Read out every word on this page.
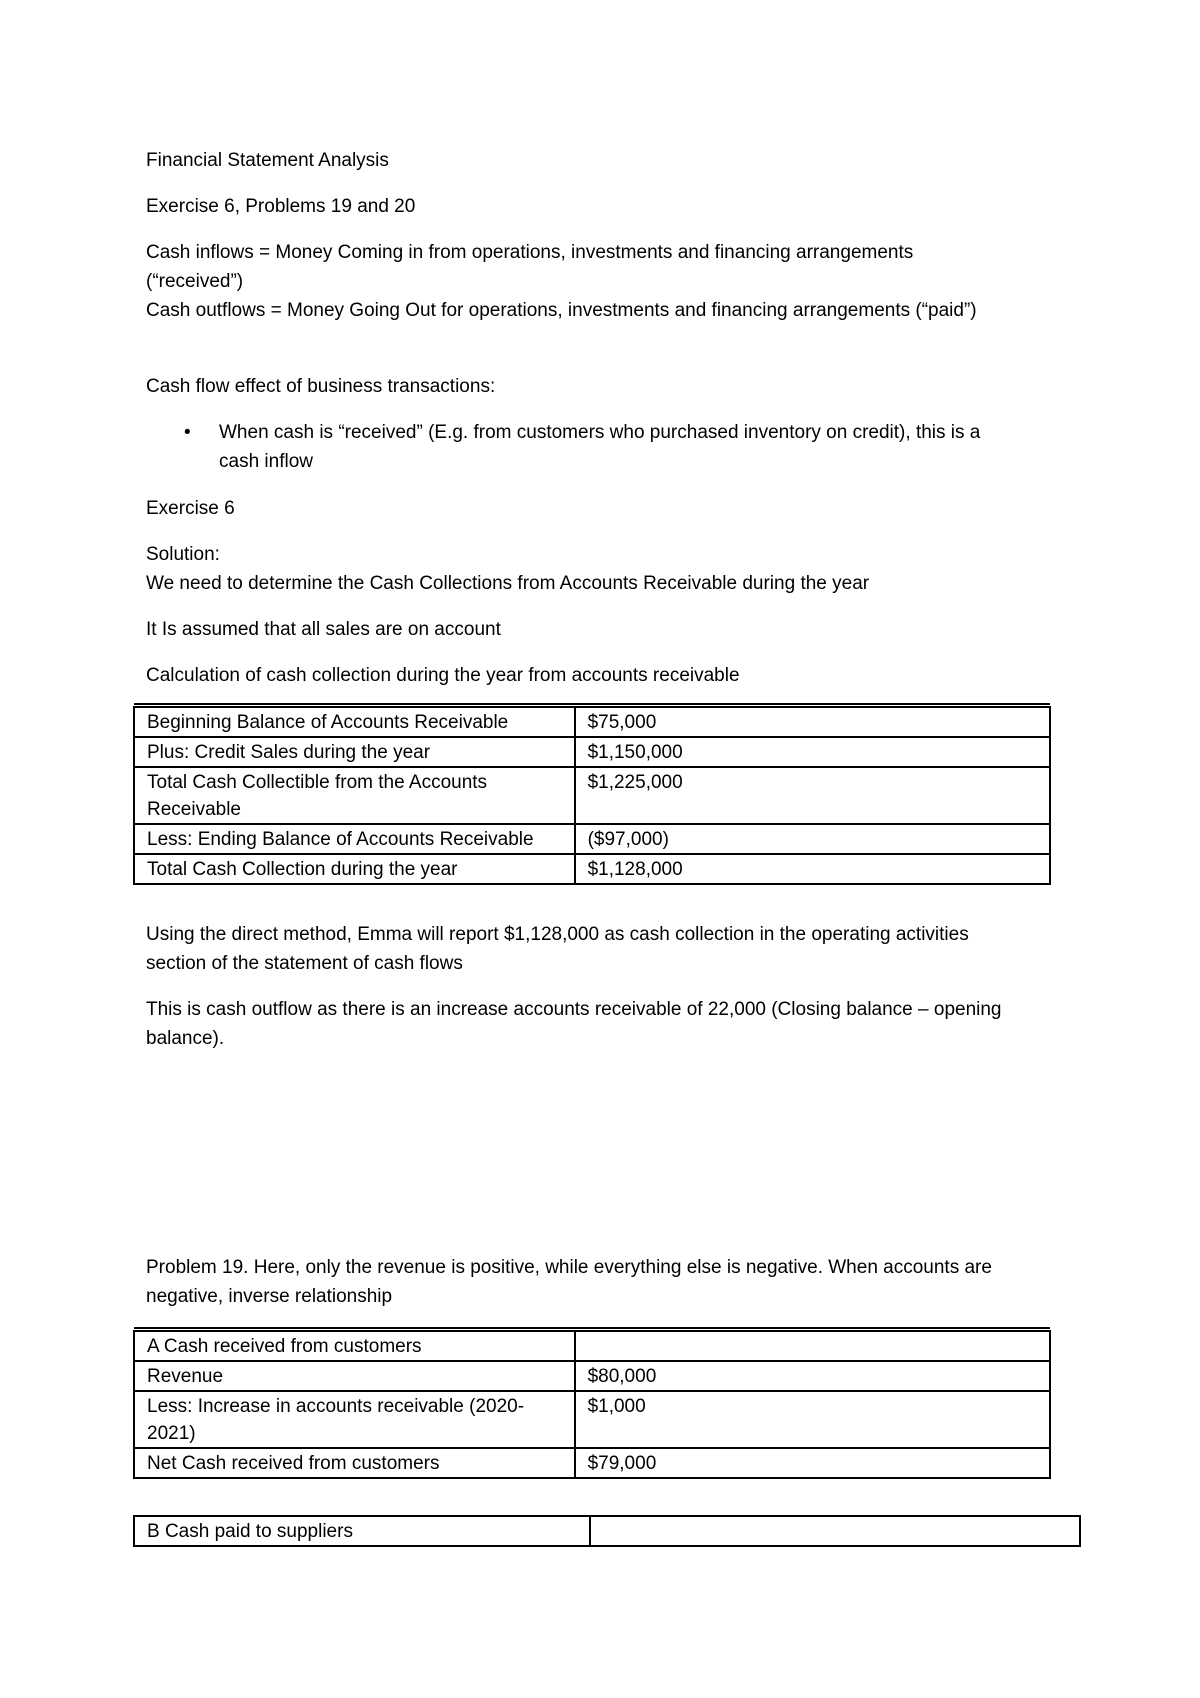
Financial Statement Analysis
Exercise 6, Problems 19 and 20
Cash inflows = Money Coming in from operations, investments and financing arrangements
(“received”)
Cash outflows = Money Going Out for operations, investments and financing arrangements (“paid”)
Cash flow effect of business transactions:
• When cash is “received” (E.g. from customers who purchased inventory on credit), this is a
cash inflow
Exercise 6
Solution:
We need to determine the Cash Collections from Accounts Receivable during the year
It Is assumed that all sales are on account
Calculation of cash collection during the year from accounts receivable

Beginning Balance of Accounts Receivable	$75,000
Plus: Credit Sales during the year	$1,150,000
Total Cash Collectible from the Accounts
Receivable	$1,225,000
Less: Ending Balance of Accounts Receivable	($97,000)
Total Cash Collection during the year	$1,128,000
Using the direct method, Emma will report $1,128,000 as cash collection in the operating activities
section of the statement of cash flows
This is cash outflow as there is an increase accounts receivable of 22,000 (Closing balance – opening
balance).
Problem 19. Here, only the revenue is positive, while everything else is negative. When accounts are
negative, inverse relationship

A Cash received from customers	
Revenue	$80,000
Less: Increase in accounts receivable (2020-
2021)	$1,000
Net Cash received from customers	$79,000
B Cash paid to suppliers	
